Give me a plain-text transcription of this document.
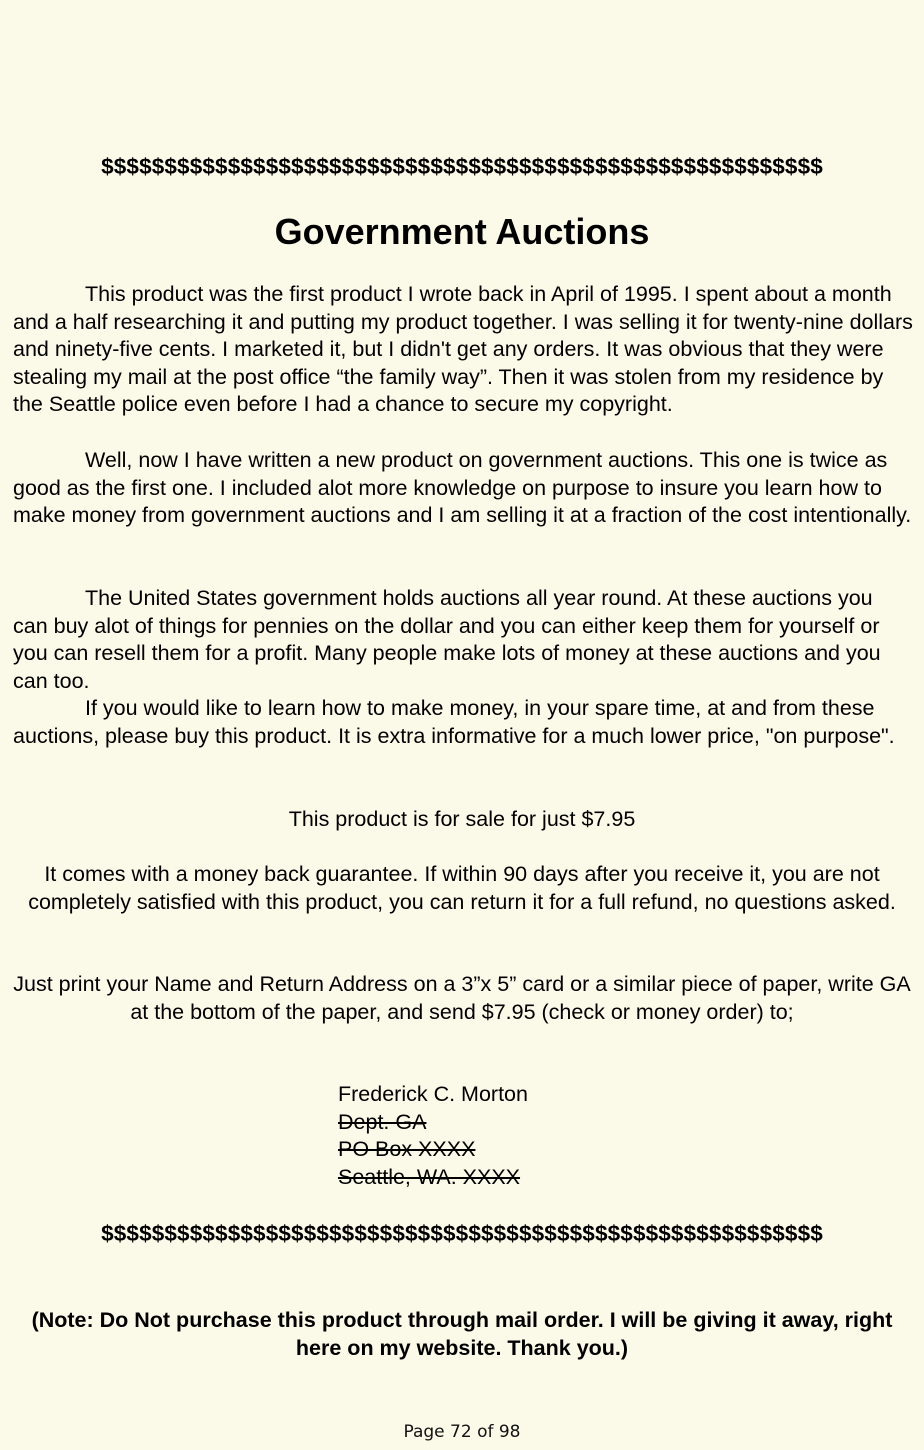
$$$$$$$$$$$$$$$$$$$$$$$$$$$$$$$$$$$$$$$$$$$$$$$$$$$$$$$$$
Government Auctions

This product was the first product I wrote back in April of 1995. I spent about a month and a half researching it and putting my product together. I was selling it for twenty-nine dollars and ninety-five cents. I marketed it, but I didn't get any orders. It was obvious that they were stealing my mail at the post office “the family way”. Then it was stolen from my residence by the Seattle police even before I had a chance to secure my copyright.

Well, now I have written a new product on government auctions. This one is twice as good as the first one. I included alot more knowledge on purpose to insure you learn how to make money from government auctions and I am selling it at a fraction of the cost intentionally.

The United States government holds auctions all year round. At these auctions you can buy alot of things for pennies on the dollar and you can either keep them for yourself or you can resell them for a profit. Many people make lots of money at these auctions and you can too.

If you would like to learn how to make money, in your spare time, at and from these auctions, please buy this product. It is extra informative for a much lower price, "on purpose".

This product is for sale for just $7.95

It comes with a money back guarantee. If within 90 days after you receive it, you are not completely satisfied with this product, you can return it for a full refund, no questions asked.

Just print your Name and Return Address on a 3”x 5” card or a similar piece of paper, write GA at the bottom of the paper, and send $7.95 (check or money order) to;

Frederick C. Morton
Dept. GA
PO Box XXXX
Seattle, WA. XXXX
$$$$$$$$$$$$$$$$$$$$$$$$$$$$$$$$$$$$$$$$$$$$$$$$$$$$$$$$$

(Note: Do Not purchase this product through mail order. I will be giving it away, right here on my website. Thank you.)

Page 72 of 98
